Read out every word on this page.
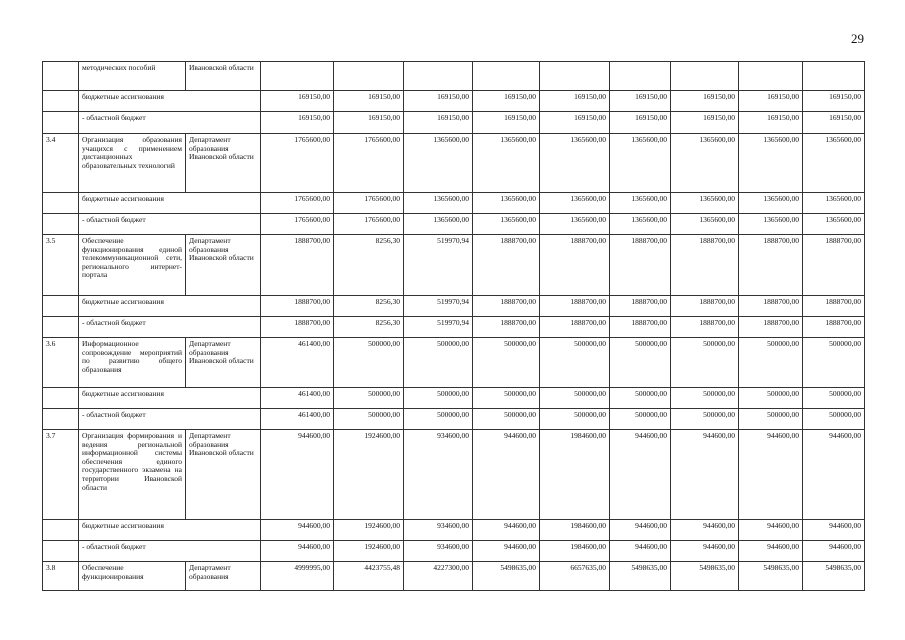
29
	методических пособий	Ивановской области									
	бюджетные ассигнования		169150,00	169150,00	169150,00	169150,00	169150,00	169150,00	169150,00	169150,00	169150,00
	- областной бюджет		169150,00	169150,00	169150,00	169150,00	169150,00	169150,00	169150,00	169150,00	169150,00
3.4	Организация образования учащихся с применением дистанционных образовательных технологий	Департамент образования Ивановской области	1765600,00	1765600,00	1365600,00	1365600,00	1365600,00	1365600,00	1365600,00	1365600,00	1365600,00
	бюджетные ассигнования		1765600,00	1765600,00	1365600,00	1365600,00	1365600,00	1365600,00	1365600,00	1365600,00	1365600,00
	- областной бюджет		1765600,00	1765600,00	1365600,00	1365600,00	1365600,00	1365600,00	1365600,00	1365600,00	1365600,00
3.5	Обеспечение функционирования единой телекоммуникационной сети, регионального интернет-портала	Департамент образования Ивановской области	1888700,00	8256,30	519970,94	1888700,00	1888700,00	1888700,00	1888700,00	1888700,00	1888700,00
	бюджетные ассигнования		1888700,00	8256,30	519970,94	1888700,00	1888700,00	1888700,00	1888700,00	1888700,00	1888700,00
	- областной бюджет		1888700,00	8256,30	519970,94	1888700,00	1888700,00	1888700,00	1888700,00	1888700,00	1888700,00
3.6	Информационное сопровождение мероприятий по развитию общего образования	Департамент образования Ивановской области	461400,00	500000,00	500000,00	500000,00	500000,00	500000,00	500000,00	500000,00	500000,00
	бюджетные ассигнования		461400,00	500000,00	500000,00	500000,00	500000,00	500000,00	500000,00	500000,00	500000,00
	- областной бюджет		461400,00	500000,00	500000,00	500000,00	500000,00	500000,00	500000,00	500000,00	500000,00
3.7	Организация формирования и ведения региональной информационной системы обеспечения единого государственного экзамена на территории Ивановской области	Департамент образования Ивановской области	944600,00	1924600,00	934600,00	944600,00	1984600,00	944600,00	944600,00	944600,00	944600,00
	бюджетные ассигнования		944600,00	1924600,00	934600,00	944600,00	1984600,00	944600,00	944600,00	944600,00	944600,00
	- областной бюджет		944600,00	1924600,00	934600,00	944600,00	1984600,00	944600,00	944600,00	944600,00	944600,00
3.8	Обеспечение функционирования	Департамент образования	4999995,00	4423755,48	4227300,00	5498635,00	6657635,00	5498635,00	5498635,00	5498635,00	5498635,00
